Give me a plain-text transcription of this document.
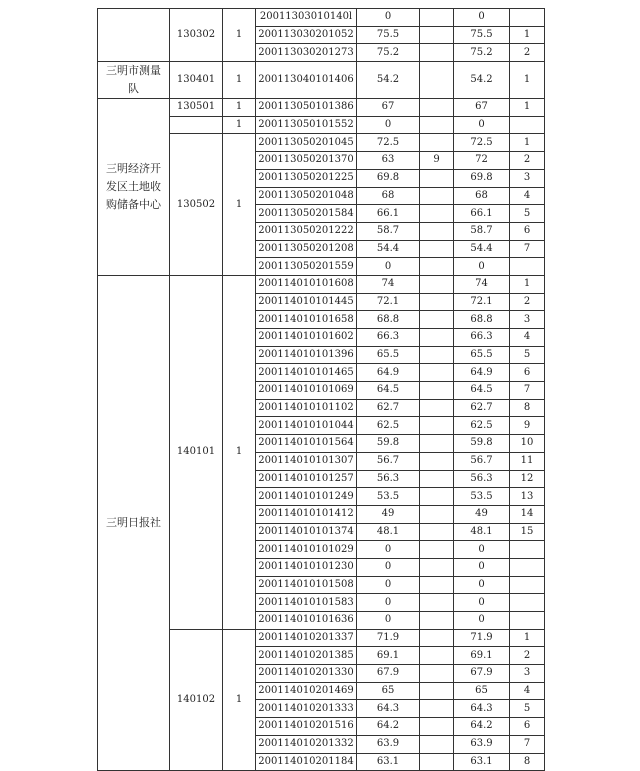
	130302	1	20011303010140l	0		0	
			200113030201052	75.5		75.5	1
			200113030201273	75.2		75.2	2
三明市测量队	130401	1	200113040101406	54.2		54.2	1
三明经济开发区土地收购储备中心	130501	1	200113050101386	67		67	1
		1	200113050101552	0		0	
	130502	1	200113050201045	72.5		72.5	1
			200113050201370	63	9	72	2
			200113050201225	69.8		69.8	3
			200113050201048	68		68	4
			200113050201584	66.1		66.1	5
			200113050201222	58.7		58.7	6
			200113050201208	54.4		54.4	7
			200113050201559	0		0	
三明日报社	140101	1	200114010101608	74		74	1
			200114010101445	72.1		72.1	2
			200114010101658	68.8		68.8	3
			200114010101602	66.3		66.3	4
			200114010101396	65.5		65.5	5
			200114010101465	64.9		64.9	6
			200114010101069	64.5		64.5	7
			200114010101102	62.7		62.7	8
			200114010101044	62.5		62.5	9
			200114010101564	59.8		59.8	10
			200114010101307	56.7		56.7	11
			200114010101257	56.3		56.3	12
			200114010101249	53.5		53.5	13
			200114010101412	49		49	14
			200114010101374	48.1		48.1	15
			200114010101029	0		0	
			200114010101230	0		0	
			200114010101508	0		0	
			200114010101583	0		0	
			200114010101636	0		0	
	140102	1	200114010201337	71.9		71.9	1
			200114010201385	69.1		69.1	2
			200114010201330	67.9		67.9	3
			200114010201469	65		65	4
			200114010201333	64.3		64.3	5
			200114010201516	64.2		64.2	6
			200114010201332	63.9		63.9	7
			200114010201184	63.1		63.1	8
